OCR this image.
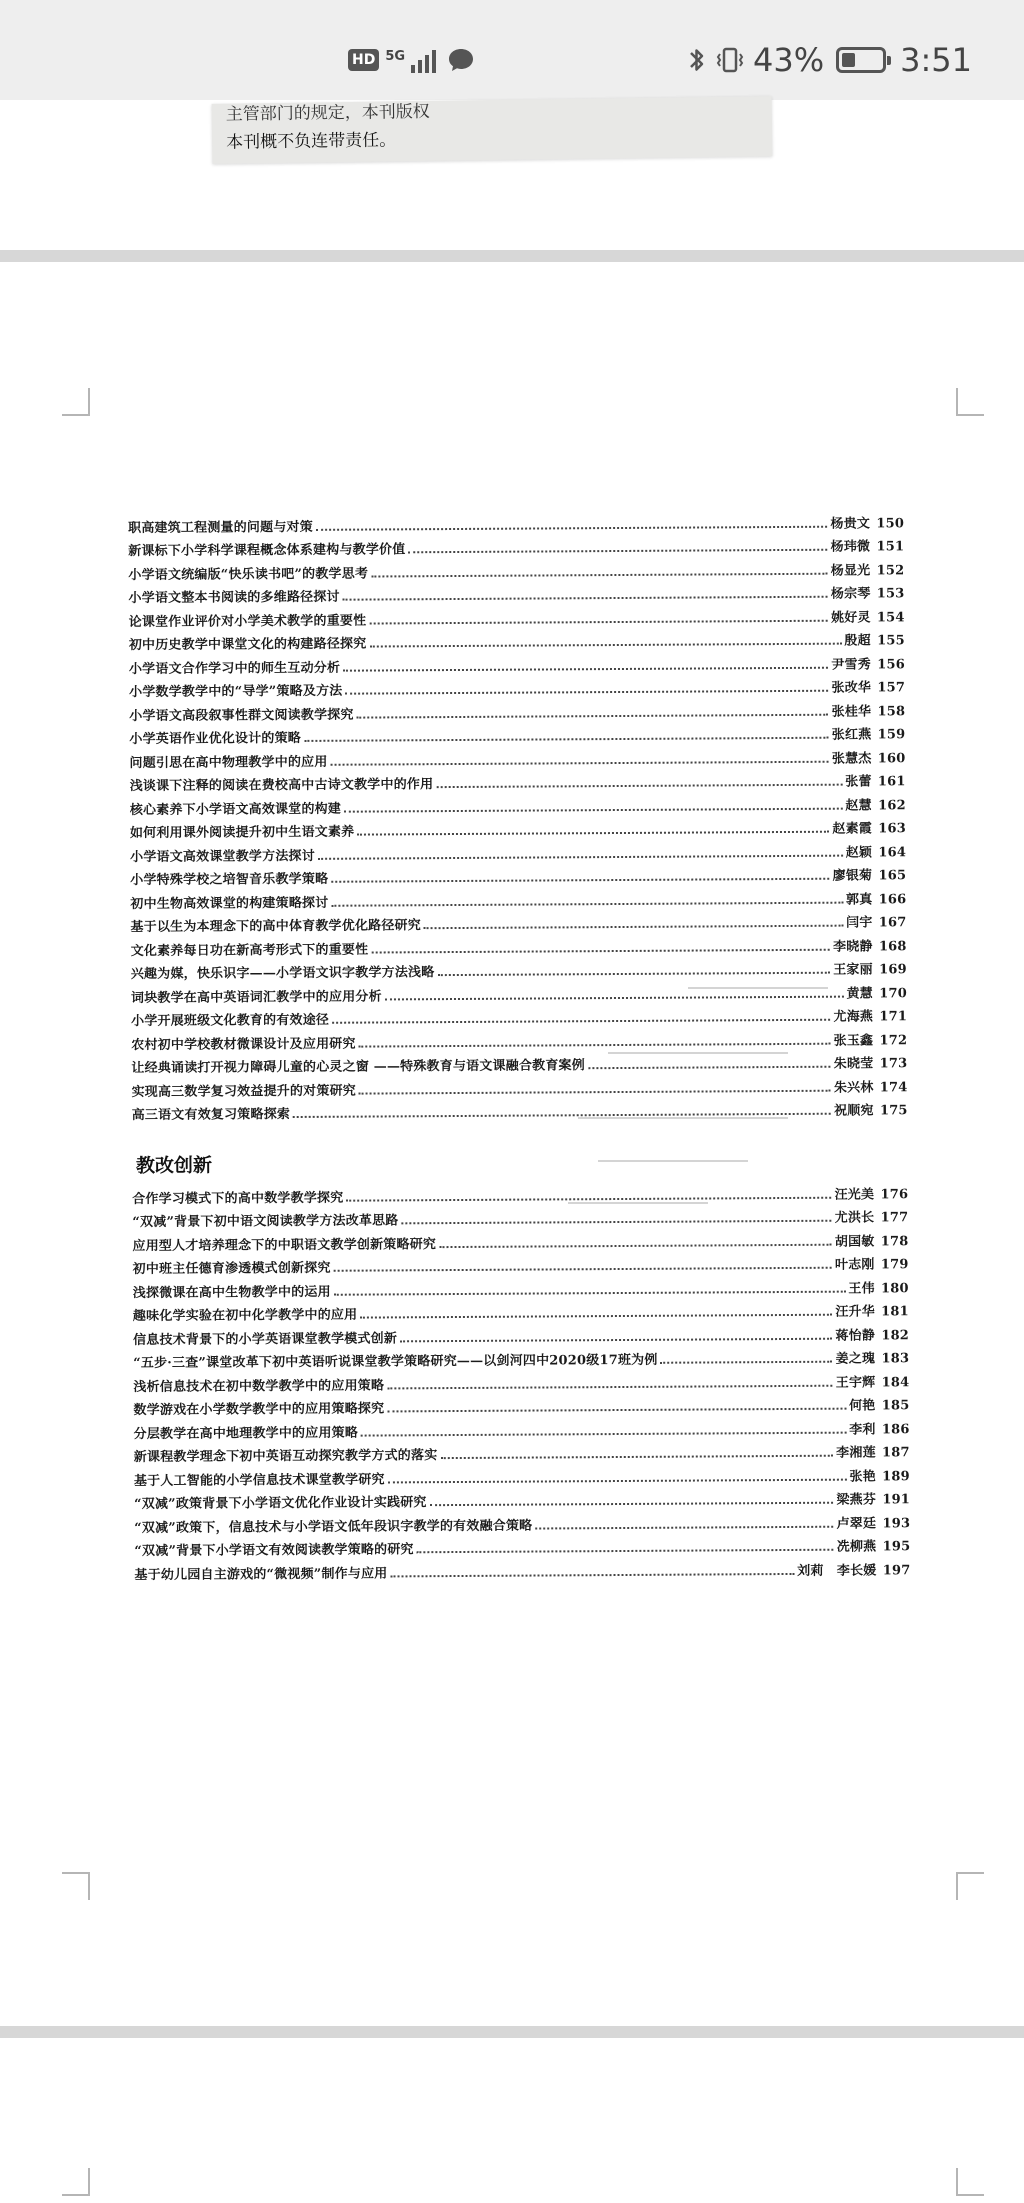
HD 5G	43% 3:51
主管部门的规定，本刊版权
本刊概不负连带责任。
职高建筑工程测量的问题与对策	杨贵文 150
新课标下小学科学课程概念体系建构与教学价值	杨玮微 151
小学语文统编版“快乐读书吧”的教学思考	杨显光 152
小学语文整本书阅读的多维路径探讨	杨宗琴 153
论课堂作业评价对小学美术教学的重要性	姚好灵 154
初中历史教学中课堂文化的构建路径探究	殷超 155
小学语文合作学习中的师生互动分析	尹雪秀 156
小学数学教学中的“导学”策略及方法	张改华 157
小学语文高段叙事性群文阅读教学探究	张桂华 158
小学英语作业优化设计的策略	张红燕 159
问题引思在高中物理教学中的应用	张慧杰 160
浅谈课下注释的阅读在费校高中古诗文教学中的作用	张蕾 161
核心素养下小学语文高效课堂的构建	赵慧 162
如何利用课外阅读提升初中生语文素养	赵素霞 163
小学语文高效课堂教学方法探讨	赵颖 164
小学特殊学校之培智音乐教学策略	廖银菊 165
初中生物高效课堂的构建策略探讨	郭真 166
基于以生为本理念下的高中体育教学优化路径研究	闫宇 167
文化素养每日功在新高考形式下的重要性	李晓静 168
兴趣为媒，快乐识字——小学语文识字教学方法浅略	王家丽 169
词块教学在高中英语词汇教学中的应用分析	黄慧 170
小学开展班级文化教育的有效途径	尤海燕 171
农村初中学校教材微课设计及应用研究	张玉鑫 172
让经典诵读打开视力障碍儿童的心灵之窗 ——特殊教育与语文课融合教育案例	朱晓莹 173
实现高三数学复习效益提升的对策研究	朱兴林 174
高三语文有效复习策略探索	祝顺宛 175
教改创新
合作学习模式下的高中数学教学探究	汪光美 176
“双减”背景下初中语文阅读教学方法改革思路	尤洪长 177
应用型人才培养理念下的中职语文教学创新策略研究	胡国敏 178
初中班主任德育渗透模式创新探究	叶志刚 179
浅探微课在高中生物教学中的运用	王伟 180
趣味化学实验在初中化学教学中的应用	汪升华 181
信息技术背景下的小学英语课堂教学模式创新	蒋怡静 182
“五步·三查”课堂改革下初中英语听说课堂教学策略研究——以剑河四中2020级17班为例	姜之瑰 183
浅析信息技术在初中数学教学中的应用策略	王宇辉 184
数学游戏在小学数学教学中的应用策略探究	何艳 185
分层教学在高中地理教学中的应用策略	李利 186
新课程教学理念下初中英语互动探究教学方式的落实	李湘莲 187
基于人工智能的小学信息技术课堂教学研究	张艳 189
“双减”政策背景下小学语文优化作业设计实践研究	梁燕芬 191
“双减”政策下，信息技术与小学语文低年段识字教学的有效融合策略	卢翠廷 193
“双减”背景下小学语文有效阅读教学策略的研究	冼柳燕 195
基于幼儿园自主游戏的“微视频”制作与应用	刘莉　李长媛 197
